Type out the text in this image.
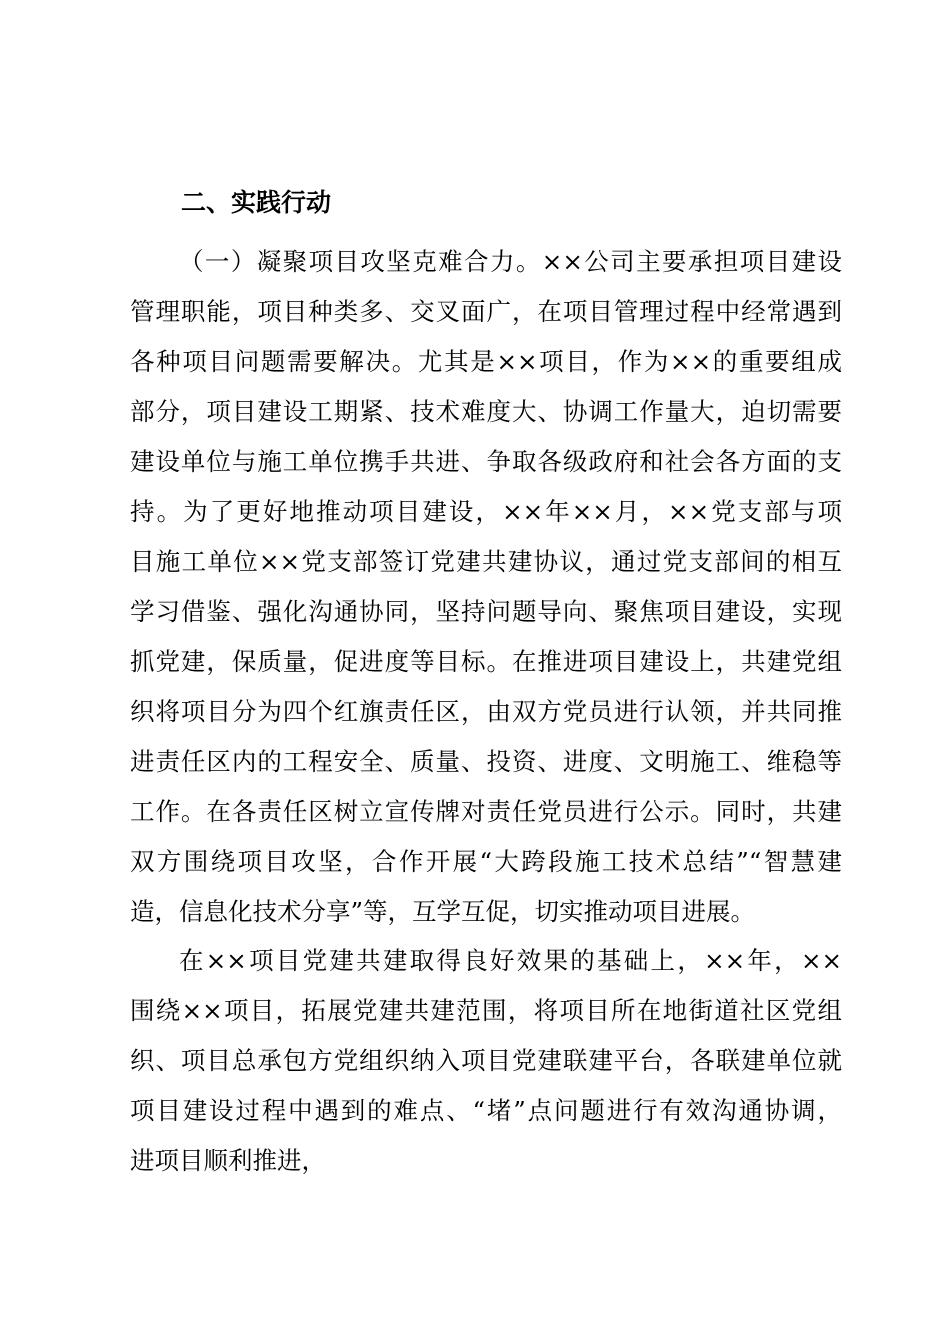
二、实践行动
（一）凝聚项目攻坚克难合力。××公司主要承担项目建设
管理职能，项目种类多、交叉面广，在项目管理过程中经常遇到
各种项目问题需要解决。尤其是××项目，作为××的重要组成
部分，项目建设工期紧、技术难度大、协调工作量大，迫切需要
建设单位与施工单位携手共进、争取各级政府和社会各方面的支
持。为了更好地推动项目建设，××年××月，××党支部与项
目施工单位××党支部签订党建共建协议，通过党支部间的相互
学习借鉴、强化沟通协同，坚持问题导向、聚焦项目建设，实现
抓党建，保质量，促进度等目标。在推进项目建设上，共建党组
织将项目分为四个红旗责任区，由双方党员进行认领，并共同推
进责任区内的工程安全、质量、投资、进度、文明施工、维稳等
工作。在各责任区树立宣传牌对责任党员进行公示。同时，共建
双方围绕项目攻坚，合作开展“大跨段施工技术总结”“智慧建
造，信息化技术分享”等，互学互促，切实推动项目进展。
在××项目党建共建取得良好效果的基础上，××年，××
围绕××项目，拓展党建共建范围，将项目所在地街道社区党组
织、项目总承包方党组织纳入项目党建联建平台，各联建单位就
项目建设过程中遇到的难点、“堵”点问题进行有效沟通协调，
进项目顺利推进，
